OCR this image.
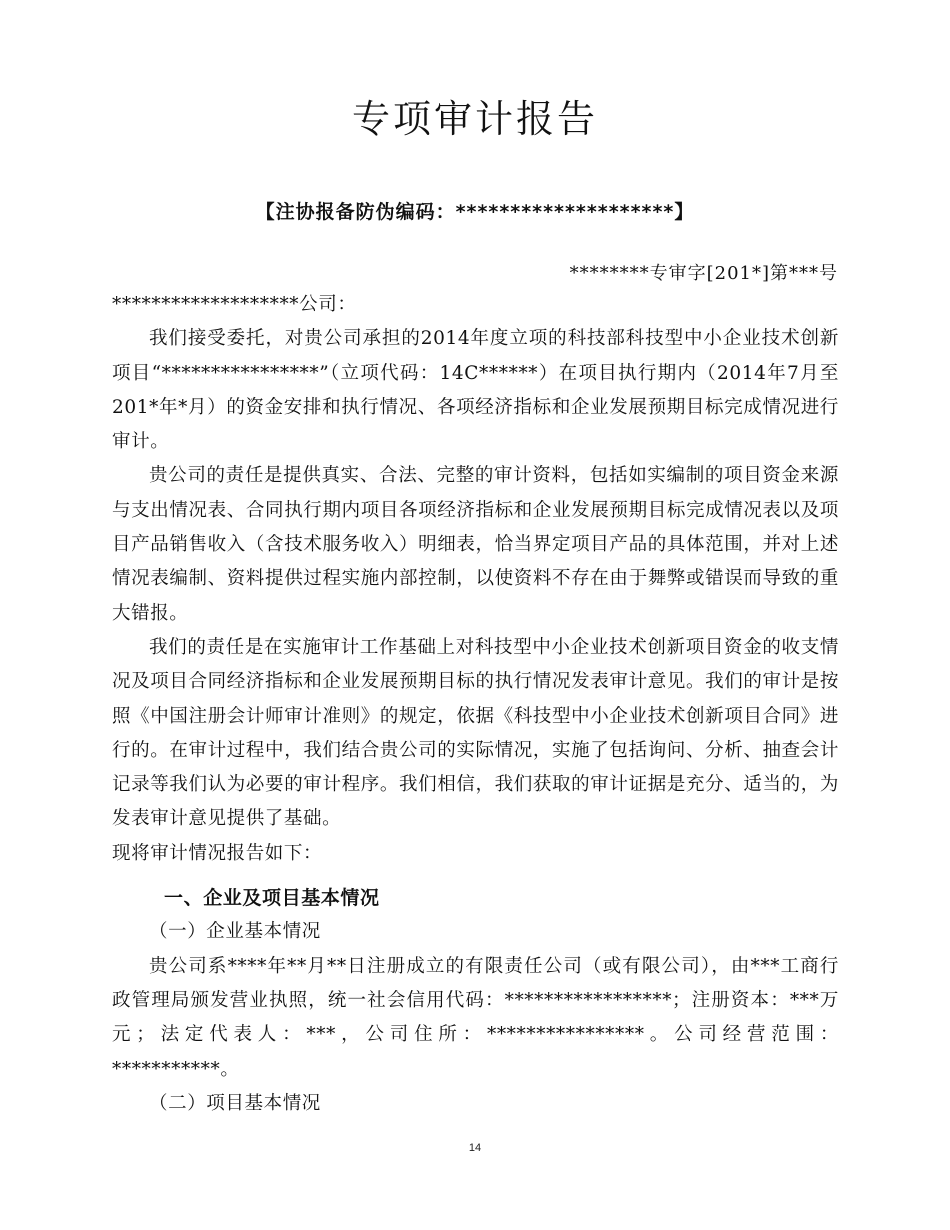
专项审计报告
【注协报备防伪编码：********************】
********专审字[201*]第***号

*******************公司：

我们接受委托，对贵公司承担的2014年度立项的科技部科技型中小企业技术创新项目“****************”（立项代码：14C******）在项目执行期内（2014年7月至201*年*月）的资金安排和执行情况、各项经济指标和企业发展预期目标完成情况进行审计。

贵公司的责任是提供真实、合法、完整的审计资料，包括如实编制的项目资金来源与支出情况表、合同执行期内项目各项经济指标和企业发展预期目标完成情况表以及项目产品销售收入（含技术服务收入）明细表，恰当界定项目产品的具体范围，并对上述情况表编制、资料提供过程实施内部控制，以使资料不存在由于舞弊或错误而导致的重大错报。

我们的责任是在实施审计工作基础上对科技型中小企业技术创新项目资金的收支情况及项目合同经济指标和企业发展预期目标的执行情况发表审计意见。我们的审计是按照《中国注册会计师审计准则》的规定，依据《科技型中小企业技术创新项目合同》进行的。在审计过程中，我们结合贵公司的实际情况，实施了包括询问、分析、抽查会计记录等我们认为必要的审计程序。我们相信，我们获取的审计证据是充分、适当的，为发表审计意见提供了基础。

现将审计情况报告如下：

一、企业及项目基本情况

（一）企业基本情况

贵公司系****年**月**日注册成立的有限责任公司（或有限公司），由***工商行政管理局颁发营业执照，统一社会信用代码：*****************；注册资本：***万元；法定代表人：***，公司住所：****************。公司经营范围：***********。

（二）项目基本情况

14
